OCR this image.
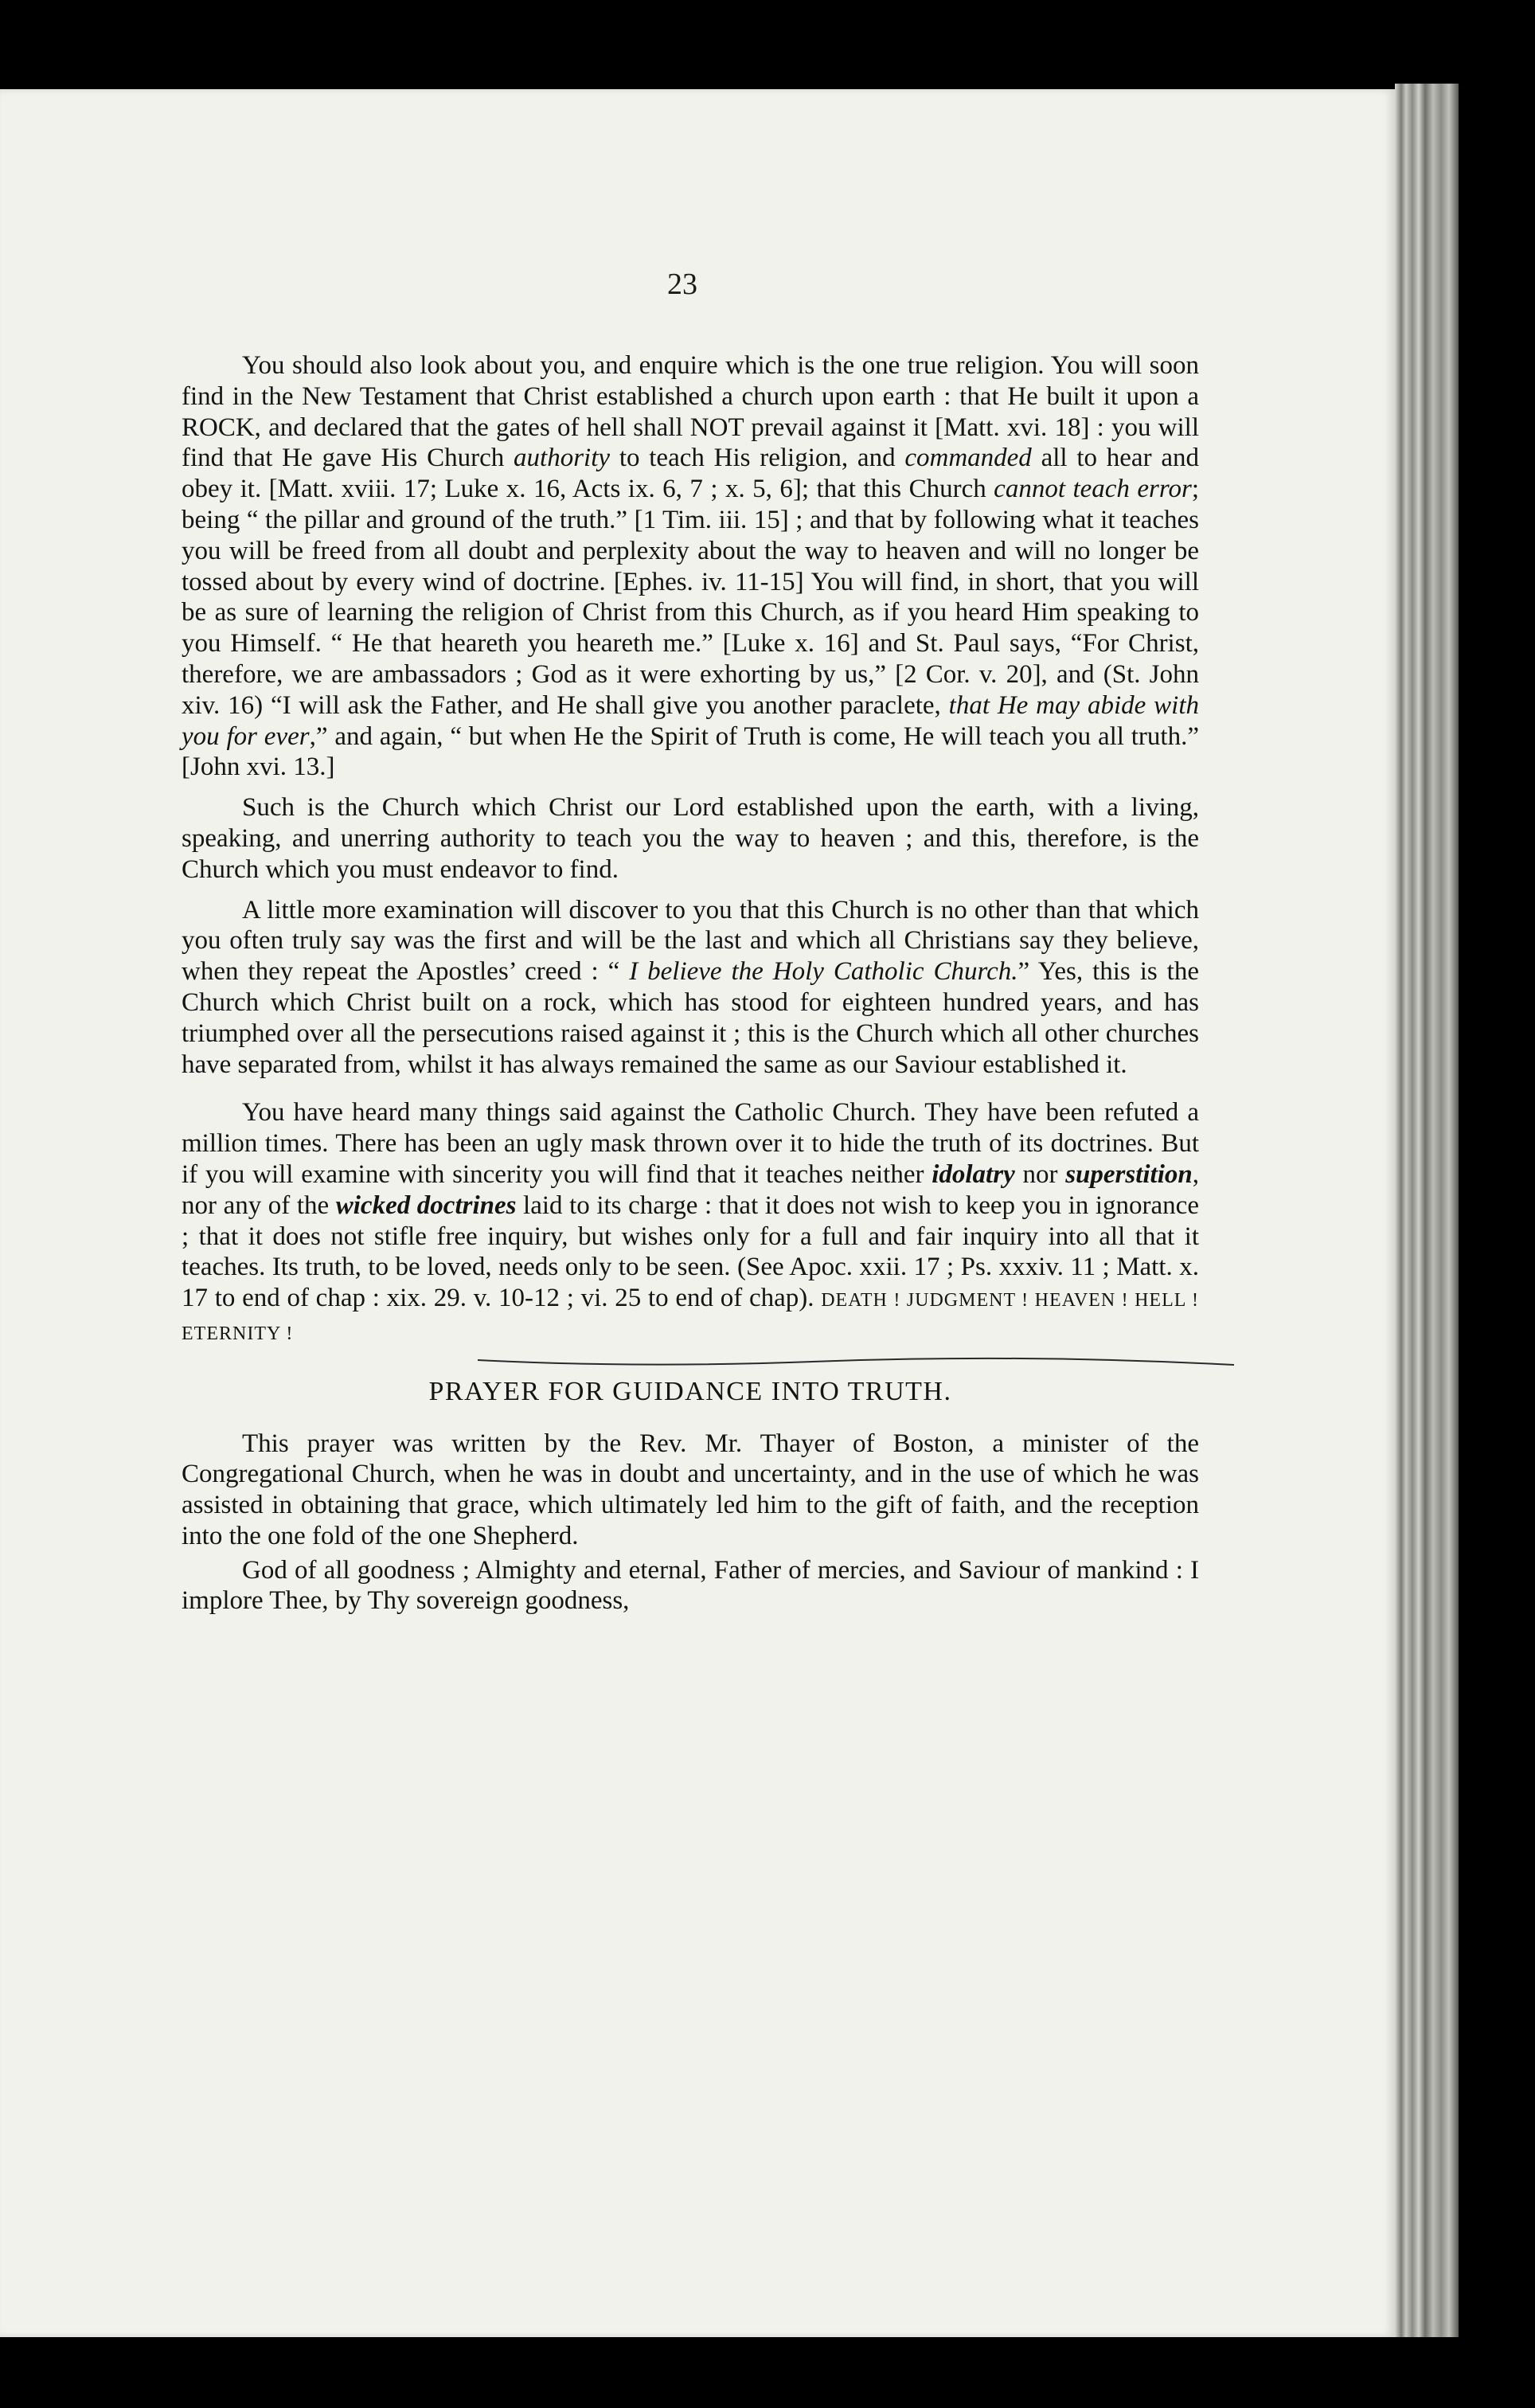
23

You should also look about you, and enquire which is the one true religion. You will soon find in the New Testament that Christ established a church upon earth : that He built it upon a ROCK, and declared that the gates of hell shall NOT prevail against it [Matt. xvi. 18] : you will find that He gave His Church authority to teach His religion, and commanded all to hear and obey it. [Matt. xviii. 17; Luke x. 16, Acts ix. 6, 7 ; x. 5, 6]; that this Church cannot teach error; being “ the pillar and ground of the truth.” [1 Tim. iii. 15] ; and that by following what it teaches you will be freed from all doubt and perplexity about the way to heaven and will no longer be tossed about by every wind of doctrine. [Ephes. iv. 11-15] You will find, in short, that you will be as sure of learning the religion of Christ from this Church, as if you heard Him speaking to you Himself. “ He that heareth you heareth me.” [Luke x. 16] and St. Paul says, “For Christ, therefore, we are ambassadors ; God as it were exhorting by us,” [2 Cor. v. 20], and (St. John xiv. 16) “I will ask the Father, and He shall give you another paraclete, that He may abide with you for ever,” and again, “ but when He the Spirit of Truth is come, He will teach you all truth.” [John xvi. 13.]

Such is the Church which Christ our Lord established upon the earth, with a living, speaking, and unerring authority to teach you the way to heaven ; and this, therefore, is the Church which you must endeavor to find.

A little more examination will discover to you that this Church is no other than that which you often truly say was the first and will be the last and which all Christians say they believe, when they repeat the Apostles’ creed : “ I believe the Holy Catholic Church.” Yes, this is the Church which Christ built on a rock, which has stood for eighteen hundred years, and has triumphed over all the persecutions raised against it ; this is the Church which all other churches have separated from, whilst it has always remained the same as our Saviour established it.

You have heard many things said against the Catholic Church. They have been refuted a million times. There has been an ugly mask thrown over it to hide the truth of its doctrines. But if you will examine with sincerity you will find that it teaches neither idolatry nor superstition, nor any of the wicked doctrines laid to its charge : that it does not wish to keep you in ignorance ; that it does not stifle free inquiry, but wishes only for a full and fair inquiry into all that it teaches. Its truth, to be loved, needs only to be seen. (See Apoc. xxii. 17 ; Ps. xxxiv. 11 ; Matt. x. 17 to end of chap : xix. 29. v. 10-12 ; vi. 25 to end of chap). DEATH ! JUDGMENT ! HEAVEN ! HELL ! ETERNITY !

PRAYER FOR GUIDANCE INTO TRUTH.

This prayer was written by the Rev. Mr. Thayer of Boston, a minister of the Congregational Church, when he was in doubt and uncertainty, and in the use of which he was assisted in obtaining that grace, which ultimately led him to the gift of faith, and the reception into the one fold of the one Shepherd.

God of all goodness ; Almighty and eternal, Father of mercies, and Saviour of mankind : I implore Thee, by Thy sovereign goodness,
